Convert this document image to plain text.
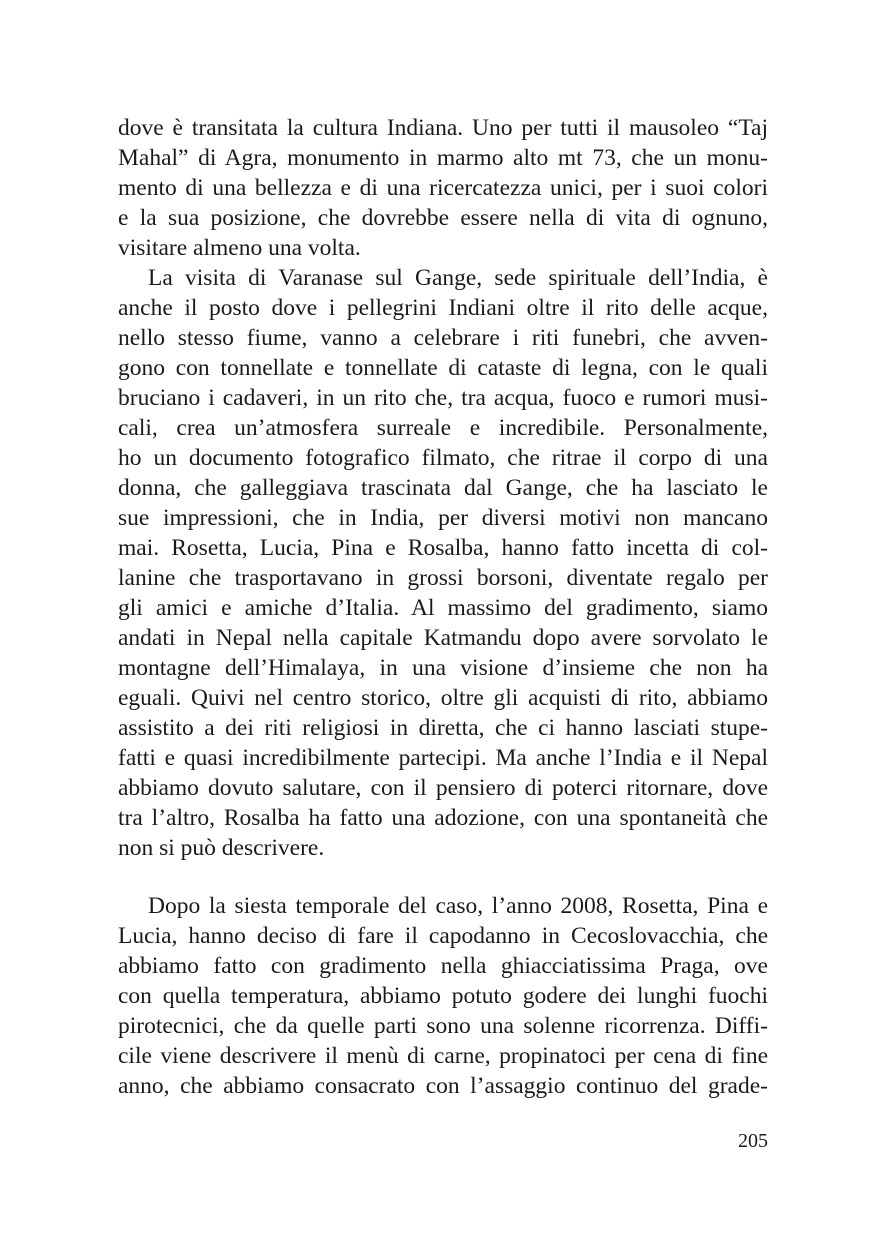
dove è transitata la cultura Indiana. Uno per tutti il mausoleo “Taj
Mahal” di Agra, monumento in marmo alto mt 73, che un monu-
mento di una bellezza e di una ricercatezza unici, per i suoi colori
e la sua posizione, che dovrebbe essere nella di vita di ognuno,
visitare almeno una volta.
La visita di Varanase sul Gange, sede spirituale dell’India, è
anche il posto dove i pellegrini Indiani oltre il rito delle acque,
nello stesso fiume, vanno a celebrare i riti funebri, che avven-
gono con tonnellate e tonnellate di cataste di legna, con le quali
bruciano i cadaveri, in un rito che, tra acqua, fuoco e rumori musi-
cali, crea un’atmosfera surreale e incredibile. Personalmente,
ho un documento fotografico filmato, che ritrae il corpo di una
donna, che galleggiava trascinata dal Gange, che ha lasciato le
sue impressioni, che in India, per diversi motivi non mancano
mai. Rosetta, Lucia, Pina e Rosalba, hanno fatto incetta di col-
lanine che trasportavano in grossi borsoni, diventate regalo per
gli amici e amiche d’Italia. Al massimo del gradimento, siamo
andati in Nepal nella capitale Katmandu dopo avere sorvolato le
montagne dell’Himalaya, in una visione d’insieme che non ha
eguali. Quivi nel centro storico, oltre gli acquisti di rito, abbiamo
assistito a dei riti religiosi in diretta, che ci hanno lasciati stupe-
fatti e quasi incredibilmente partecipi. Ma anche l’India e il Nepal
abbiamo dovuto salutare, con il pensiero di poterci ritornare, dove
tra l’altro, Rosalba ha fatto una adozione, con una spontaneità che
non si può descrivere.
Dopo la siesta temporale del caso, l’anno 2008, Rosetta, Pina e
Lucia, hanno deciso di fare il capodanno in Cecoslovacchia, che
abbiamo fatto con gradimento nella ghiacciatissima Praga, ove
con quella temperatura, abbiamo potuto godere dei lunghi fuochi
pirotecnici, che da quelle parti sono una solenne ricorrenza. Diffi-
cile viene descrivere il menù di carne, propinatoci per cena di fine
anno, che abbiamo consacrato con l’assaggio continuo del grade-
205
